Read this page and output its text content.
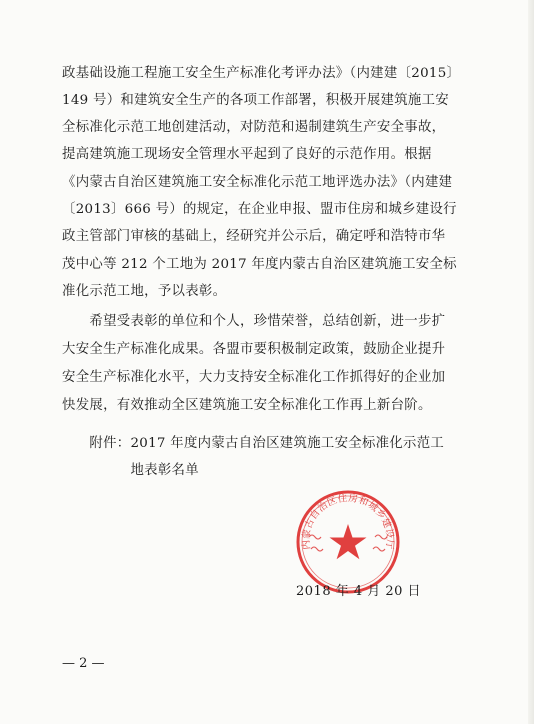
政基础设施工程施工安全生产标准化考评办法》（内建建〔2015〕
149 号）和建筑安全生产的各项工作部署，积极开展建筑施工安
全标准化示范工地创建活动，对防范和遏制建筑生产安全事故，
提高建筑施工现场安全管理水平起到了良好的示范作用。根据
《内蒙古自治区建筑施工安全标准化示范工地评选办法》（内建建
〔2013〕666 号）的规定，在企业申报、盟市住房和城乡建设行
政主管部门审核的基础上，经研究并公示后，确定呼和浩特市华
茂中心等 212 个工地为 2017 年度内蒙古自治区建筑施工安全标
准化示范工地，予以表彰。
　　希望受表彰的单位和个人，珍惜荣誉，总结创新，进一步扩
大安全生产标准化成果。各盟市要积极制定政策，鼓励企业提升
安全生产标准化水平，大力支持安全标准化工作抓得好的企业加
快发展，有效推动全区建筑施工安全标准化工作再上新台阶。
　　附件：2017 年度内蒙古自治区建筑施工安全标准化示范工
　　　　　地表彰名单
内蒙古自治区住房和城乡建设厅
2018 年 4 月 20 日
— 2 —
